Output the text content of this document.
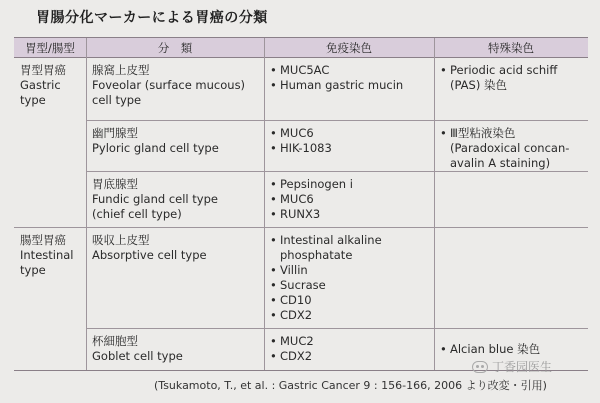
胃腸分化マーカーによる胃癌の分類
胃型/腸型	分　類	免疫染色	特殊染色
胃型胃癌
Gastric
type
腸型胃癌
Intestinal
type
腺窩上皮型
Foveolar (surface mucous)
cell type
• MUC5AC
• Human gastric mucin
• Periodic acid schiff
(PAS) 染色
幽門腺型
Pyloric gland cell type
• MUC6
• HIK-1083
• Ⅲ型粘液染色
(Paradoxical concan-
avalin A staining)
胃底腺型
Fundic gland cell type
(chief cell type)
• Pepsinogen i
• MUC6
• RUNX3
吸収上皮型
Absorptive cell type
• Intestinal alkaline
phosphatate
• Villin
• Sucrase
• CD10
• CDX2
杯細胞型
Goblet cell type
• MUC2
• CDX2
•	Alcian blue 染色
丁香园医生
(Tsukamoto, T., et al. : Gastric Cancer 9 : 156-166, 2006 より改変・引用)
